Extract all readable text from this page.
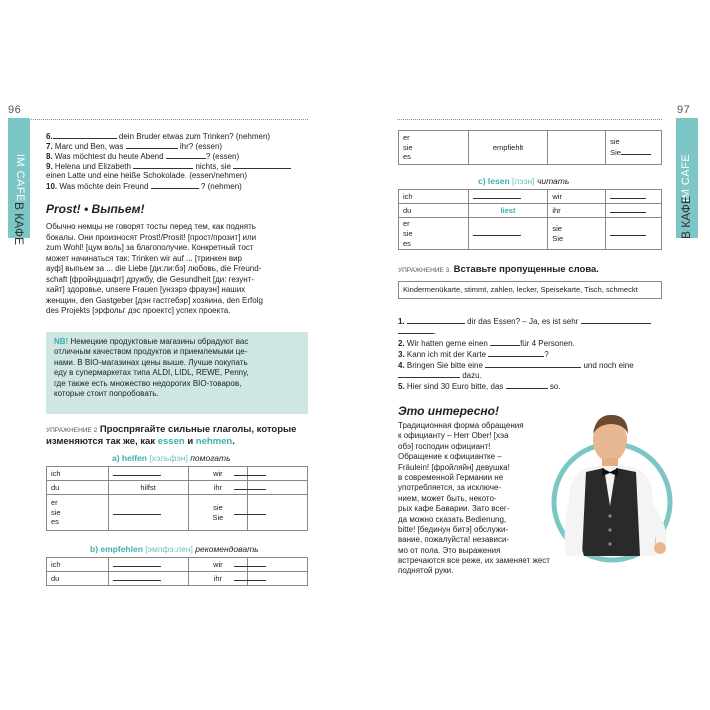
96
IM CAFE
В КАФЕ
6.	dein Bruder etwas zum Trinken? (nehmen)
7. Marc und Ben, was	ihr? (essen)
8. Was möchtest du heute Abend	? (essen)
9. Helena und Elizabeth	nichts, sie
einen Latte und eine heiße Schokolade. (essen/nehmen)
10. Was möchte dein Freund	? (nehmen)
Prost! • Выпьем!
Обычно немцы не говорят тосты перед тем, как поднять
бокалы. Они произносят Prost!/Prosit! [прост/прозит] или
zum Wohl! [цум воль] за благополучие. Конкретный тост
может начинаться так: Trinken wir auf ... [тринкен вир
ауф] выпьем за ... die Liebe [ди:ли:бэ] любовь, die Freund-
schaft [фройндшафт] дружбу, die Gesundheit [ди: гезунт-
хайт] здоровье, unsere Frauen [унзэрэ фрауэн] наших
женщин, den Gastgeber [дэн гастгебэр] хозяина, den Erfolg
des Projekts [эрфольг дэс проектс] успех проекта.
NB! Немецкие продуктовые магазины обрадуют вас
отличным качеством продуктов и приемлемыми це-
нами. В BIO-магазинах цены выше. Лучше покупать
еду в супермаркетах типа ALDI, LIDL, REWE, Penny,
где также есть множество недорогих BIO-товаров,
которые стоит попробовать.
УПРАЖНЕНИЕ 2 Проспрягайте сильные глаголы, которые
изменяются так же, как essen и nehmen.
a) helfen [хэльфэн] помогать
ich		wir	
du	hilfst	ihr	
er
sie
es		sie
Sie	
b) empfehlen [эмпфэ:лен] рекомендовать
ich		wir	
du		ihr	
97
IM CAFE
В КАФЕ
er
sie
es	empfiehlt		sie
Sie
c) lesen [лэзн] читать
ich		wir	
du	liest	ihr	
er
sie
es		sie
Sie	
УПРАЖНЕНИЕ 3. Вставьте пропущенные слова.
Kindermenükarte, stimmt, zahlen, lecker, Speisekarte, Tisch, schmeckt
1.	dir das Essen? – Ja, es ist sehr
.
2. Wir hatten gerne einen	für 4 Personen.
3. Kann ich mit der Karte	?
4. Bringen Sie bitte eine	und noch eine
dazu.
5. Hier sind 30 Euro bitte, das	so.
Это интересно!
Традиционная форма обращения
к официанту – Herr Ober! [хэа
обэ] господин официант!
Обращение к официантке –
Fräulein! [фройляйн] девушка!
в современной Германии не
употребляется, за исключе-
нием, может быть, некото-
рых кафе Баварии. Зато всег-
да можно сказать Bedienung,
bitte! [бединун битэ] обслужи-
вание, пожалуйста! независи-
мо от пола. Это выражения
встречаются все реже, их заменяет жест
поднятой руки.
